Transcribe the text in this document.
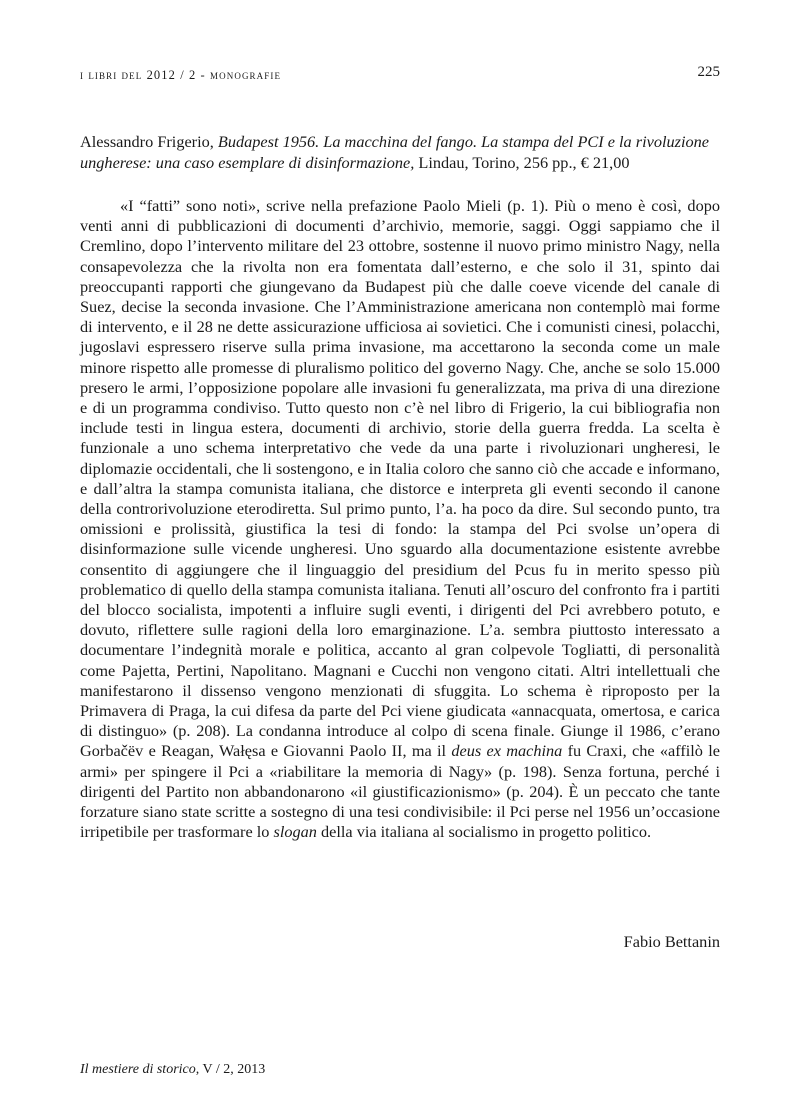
i libri del 2012 / 2 - monografie	225
Alessandro Frigerio, Budapest 1956. La macchina del fango. La stampa del PCI e la rivoluzione ungherese: una caso esemplare di disinformazione, Lindau, Torino, 256 pp., € 21,00

«I “fatti” sono noti», scrive nella prefazione Paolo Mieli (p. 1). Più o meno è così, dopo venti anni di pubblicazioni di documenti d’archivio, memorie, saggi. Oggi sappiamo che il Cremlino, dopo l’intervento militare del 23 ottobre, sostenne il nuovo primo ministro Nagy, nella consapevolezza che la rivolta non era fomentata dall’esterno, e che solo il 31, spinto dai preoccupanti rapporti che giungevano da Budapest più che dalle coeve vicende del canale di Suez, decise la seconda invasione. Che l’Amministrazione americana non contemplò mai forme di intervento, e il 28 ne dette assicurazione ufficiosa ai sovietici. Che i comunisti cinesi, polacchi, jugoslavi espressero riserve sulla prima invasione, ma accettarono la seconda come un male minore rispetto alle promesse di pluralismo politico del governo Nagy. Che, anche se solo 15.000 presero le armi, l’opposizione popolare alle invasioni fu generalizzata, ma priva di una direzione e di un programma condiviso. Tutto questo non c’è nel libro di Frigerio, la cui bibliografia non include testi in lingua estera, documenti di archivio, storie della guerra fredda. La scelta è funzionale a uno schema interpretativo che vede da una parte i rivoluzionari ungheresi, le diplomazie occidentali, che li sostengono, e in Italia coloro che sanno ciò che accade e informano, e dall’altra la stampa comunista italiana, che distorce e interpreta gli eventi secondo il canone della controrivoluzione eterodiretta. Sul primo punto, l’a. ha poco da dire. Sul secondo punto, tra omissioni e prolissità, giustifica la tesi di fondo: la stampa del Pci svolse un’opera di disinformazione sulle vicende ungheresi. Uno sguardo alla documentazione esistente avrebbe consentito di aggiungere che il linguaggio del presidium del Pcus fu in merito spesso più problematico di quello della stampa comunista italiana. Tenuti all’oscuro del confronto fra i partiti del blocco socialista, impotenti a influire sugli eventi, i dirigenti del Pci avrebbero potuto, e dovuto, riflettere sulle ragioni della loro emarginazione. L’a. sembra piuttosto interessato a documentare l’indegnità morale e politica, accanto al gran colpevole Togliatti, di personalità come Pajetta, Pertini, Napolitano. Magnani e Cucchi non vengono citati. Altri intellettuali che manifestarono il dissenso vengono menzionati di sfuggita. Lo schema è riproposto per la Primavera di Praga, la cui difesa da parte del Pci viene giudicata «annacquata, omertosa, e carica di distinguo» (p. 208). La condanna introduce al colpo di scena finale. Giunge il 1986, c’erano Gorbačëv e Reagan, Wałęsa e Giovanni Paolo II, ma il deus ex machina fu Craxi, che «affilò le armi» per spingere il Pci a «riabilitare la memoria di Nagy» (p. 198). Senza fortuna, perché i dirigenti del Partito non abbandonarono «il giustificazionismo» (p. 204). È un peccato che tante forzature siano state scritte a sostegno di una tesi condivisibile: il Pci perse nel 1956 un’occasione irripetibile per trasformare lo slogan della via italiana al socialismo in progetto politico.

Fabio Bettanin
Il mestiere di storico, V / 2, 2013
